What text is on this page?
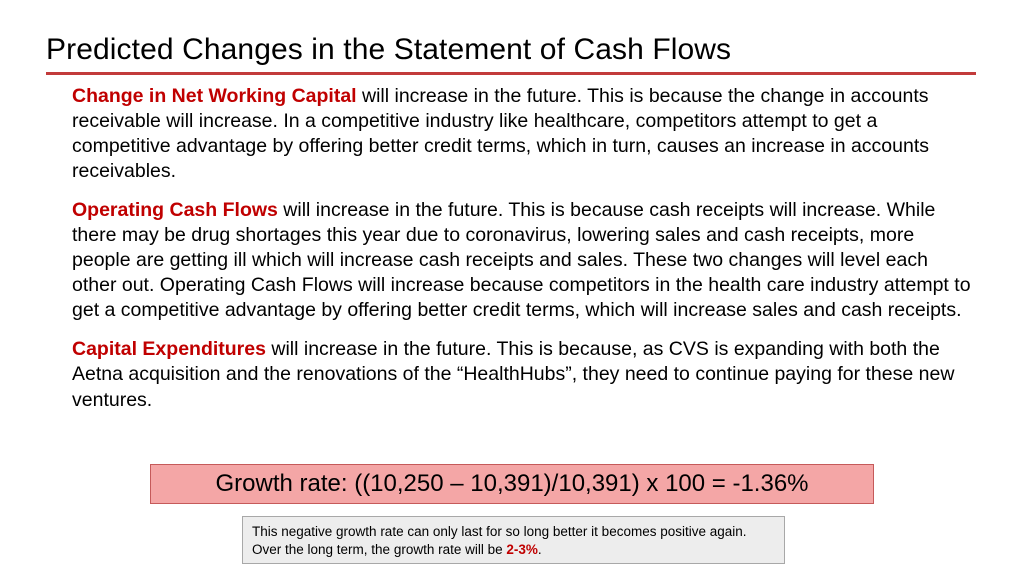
Predicted Changes in the Statement of Cash Flows

Change in Net Working Capital will increase in the future. This is because the change in accounts receivable will increase. In a competitive industry like healthcare, competitors attempt to get a competitive advantage by offering better credit terms, which in turn, causes an increase in accounts receivables.

Operating Cash Flows will increase in the future. This is because cash receipts will increase. While there may be drug shortages this year due to coronavirus, lowering sales and cash receipts, more people are getting ill which will increase cash receipts and sales. These two changes will level each other out. Operating Cash Flows will increase because competitors in the health care industry attempt to get a competitive advantage by offering better credit terms, which will increase sales and cash receipts.

Capital Expenditures will increase in the future. This is because, as CVS is expanding with both the Aetna acquisition and the renovations of the “HealthHubs”, they need to continue paying for these new ventures.

Growth rate: ((10,250 – 10,391)/10,391) x 100 = -1.36%
This negative growth rate can only last for so long better it becomes positive again. Over the long term, the growth rate will be 2-3%.
